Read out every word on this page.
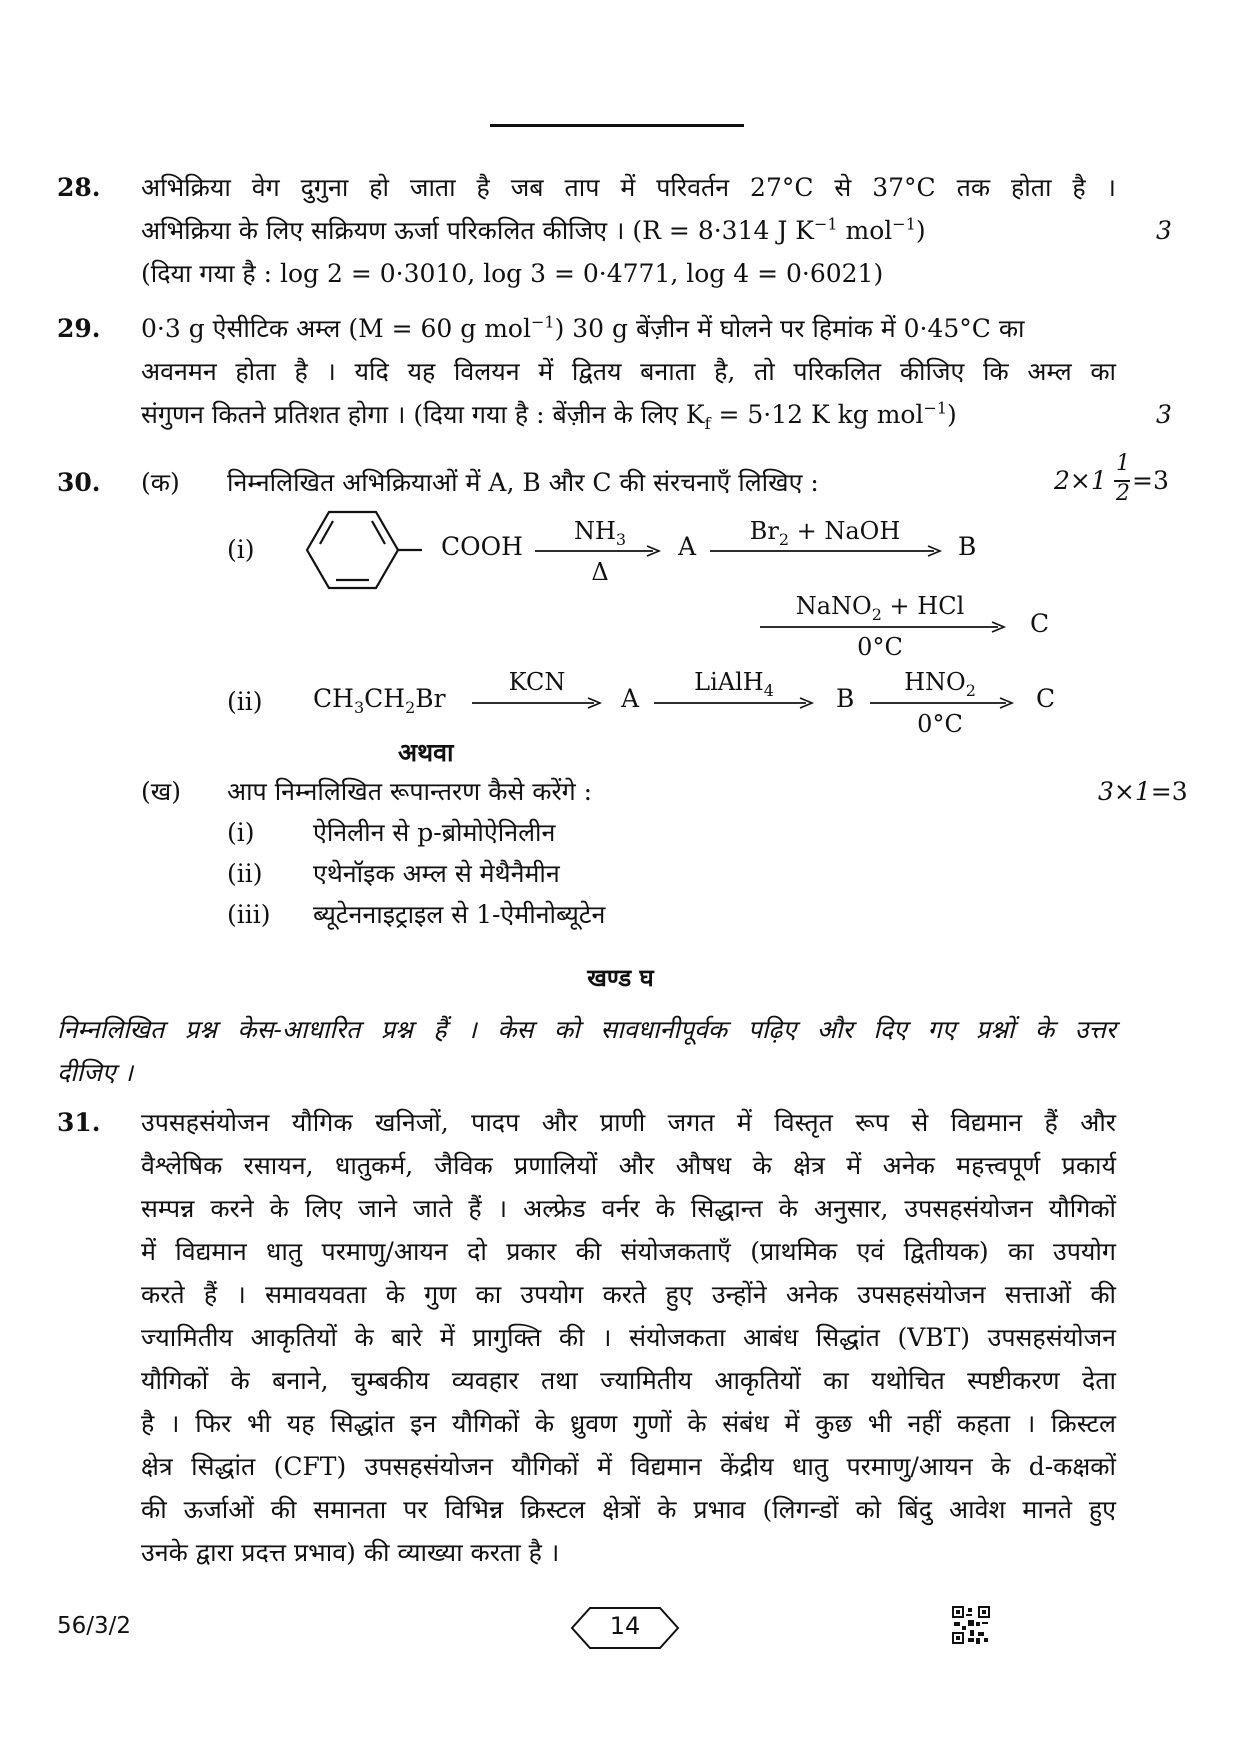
28. अभिक्रिया वेग दुगुना हो जाता है जब ताप में परिवर्तन 27°C से 37°C तक होता है ।
अभिक्रिया के लिए सक्रियण ऊर्जा परिकलित कीजिए । (R = 8·314 J $K^{-1}$ mol$^{-1}$)	3
(दिया गया है : log 2 = 0·3010, log 3 = 0·4771, log 4 = 0·6021)
29. 0·3 g ऐसीटिक अम्ल (M = 60 g mol$^{-1}$) 30 g बेंज़ीन में घोलने पर हिमांक में 0·45°C का
अवनमन होता है । यदि यह विलयन में द्वितय बनाता है, तो परिकलित कीजिए कि अम्ल का
संगुणन कितने प्रतिशत होगा । (दिया गया है : बेंज़ीन के लिए $K_f = 5\cdot 12$ K kg mol$^{-1}$)	3
30. (क) निम्नलिखित अभिक्रियाओं में A, B और C की संरचनाएँ लिखिए :	2×1
1
2 =3
(i)	COOH
$NH_3$
Δ
A
$Br_2$ + NaOH
B
NaNO$_2$ + HCl
0°C
C
(ii) $CH_3CH_2Br$
KCN
A
LiAlH$_4$	B
$HNO_2$
0°C
C
अथवा
(ख) आप निम्नलिखित रूपान्तरण कैसे करेंगे :	3×1=3
(i) ऐनिलीन से p-ब्रोमोऐनिलीन
(ii) एथेनॉइक अम्ल से मेथैनैमीन
(iii) ब्यूटेननाइट्राइल से 1-ऐमीनोब्यूटेन
खण्ड घ
निम्नलिखित प्रश्न केस-आधारित प्रश्न हैं । केस को सावधानीपूर्वक पढ़िए और दिए गए प्रश्नों के उत्तर
दीजिए ।
31. उपसहसंयोजन यौगिक खनिजों, पादप और प्राणी जगत में विस्तृत रूप से विद्यमान हैं और
वैश्लेषिक रसायन, धातुकर्म, जैविक प्रणालियों और औषध के क्षेत्र में अनेक महत्त्वपूर्ण प्रकार्य
सम्पन्न करने के लिए जाने जाते हैं । अल्फ्रेड वर्नर के सिद्धान्त के अनुसार, उपसहसंयोजन यौगिकों
में विद्यमान धातु परमाणु/आयन दो प्रकार की संयोजकताएँ (प्राथमिक एवं द्वितीयक) का उपयोग
करते हैं । समावयवता के गुण का उपयोग करते हुए उन्होंने अनेक उपसहसंयोजन सत्ताओं की
ज्यामितीय आकृतियों के बारे में प्रागुक्ति की । संयोजकता आबंध सिद्धांत (VBT) उपसहसंयोजन
यौगिकों के बनाने, चुम्बकीय व्यवहार तथा ज्यामितीय आकृतियों का यथोचित स्पष्टीकरण देता
है । फिर भी यह सिद्धांत इन यौगिकों के ध्रुवण गुणों के संबंध में कुछ भी नहीं कहता । क्रिस्टल
क्षेत्र सिद्धांत (CFT) उपसहसंयोजन यौगिकों में विद्यमान केंद्रीय धातु परमाणु/आयन के d-कक्षकों
की ऊर्जाओं की समानता पर विभिन्न क्रिस्टल क्षेत्रों के प्रभाव (लिगन्डों को बिंदु आवेश मानते हुए
उनके द्वारा प्रदत्त प्रभाव) की व्याख्या करता है ।
56/3/2	14
